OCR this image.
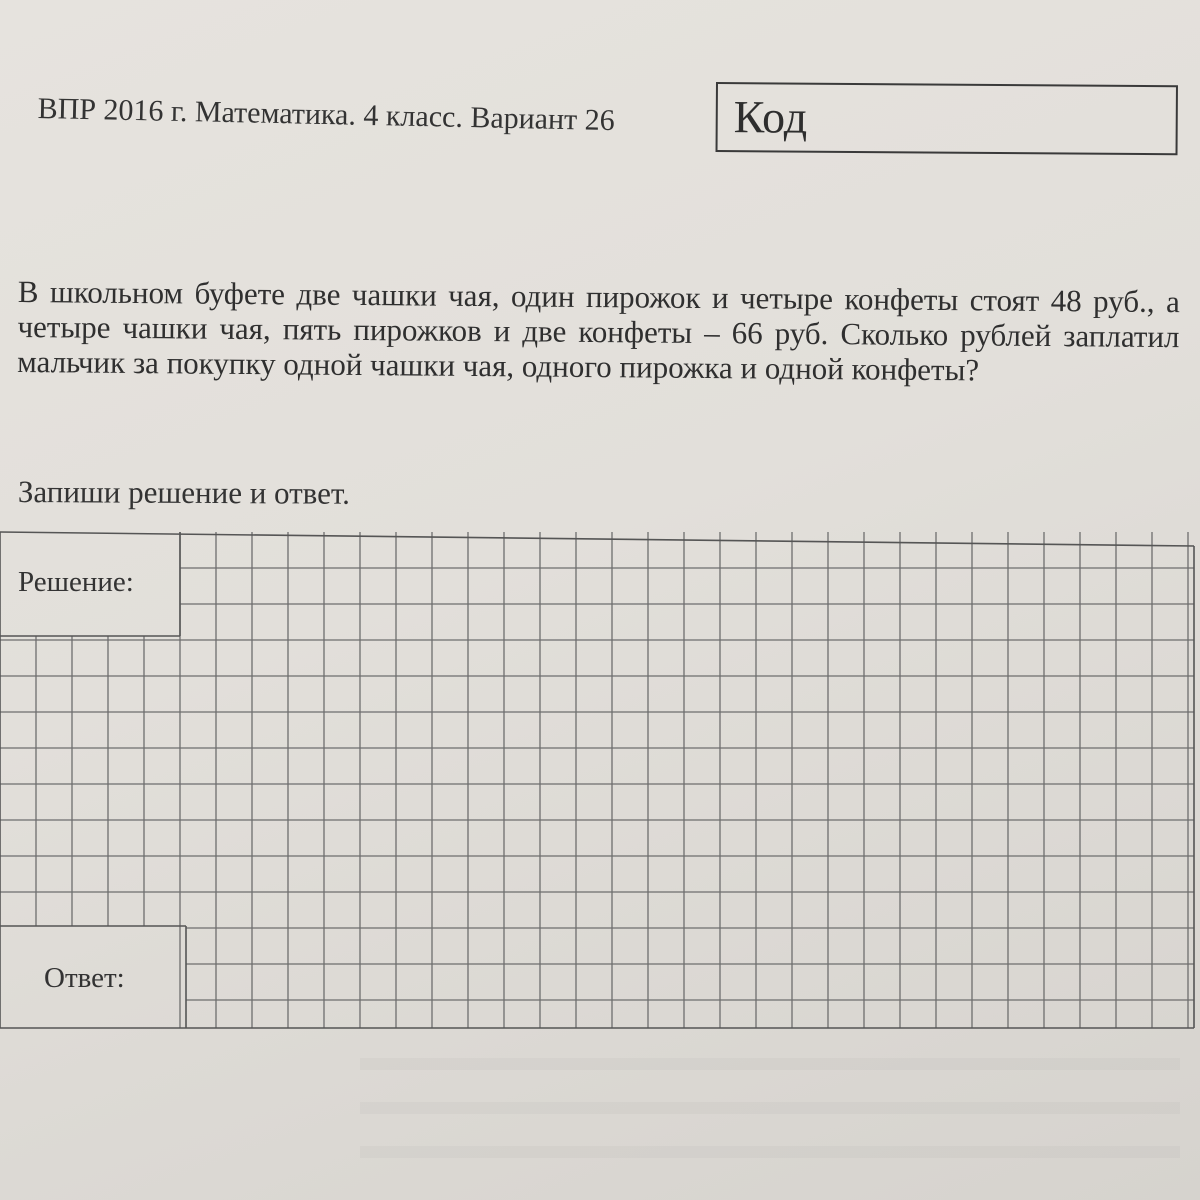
ВПР 2016 г. Математика. 4 класс. Вариант 26	Код
В школьном буфете две чашки чая, один пирожок и четыре конфеты стоят 48 руб., а четыре чашки чая, пять пирожков и две конфеты – 66 руб. Сколько рублей заплатил мальчик за покупку одной чашки чая, одного пирожка и одной конфеты?
Запиши решение и ответ.
Решение:
Ответ:
